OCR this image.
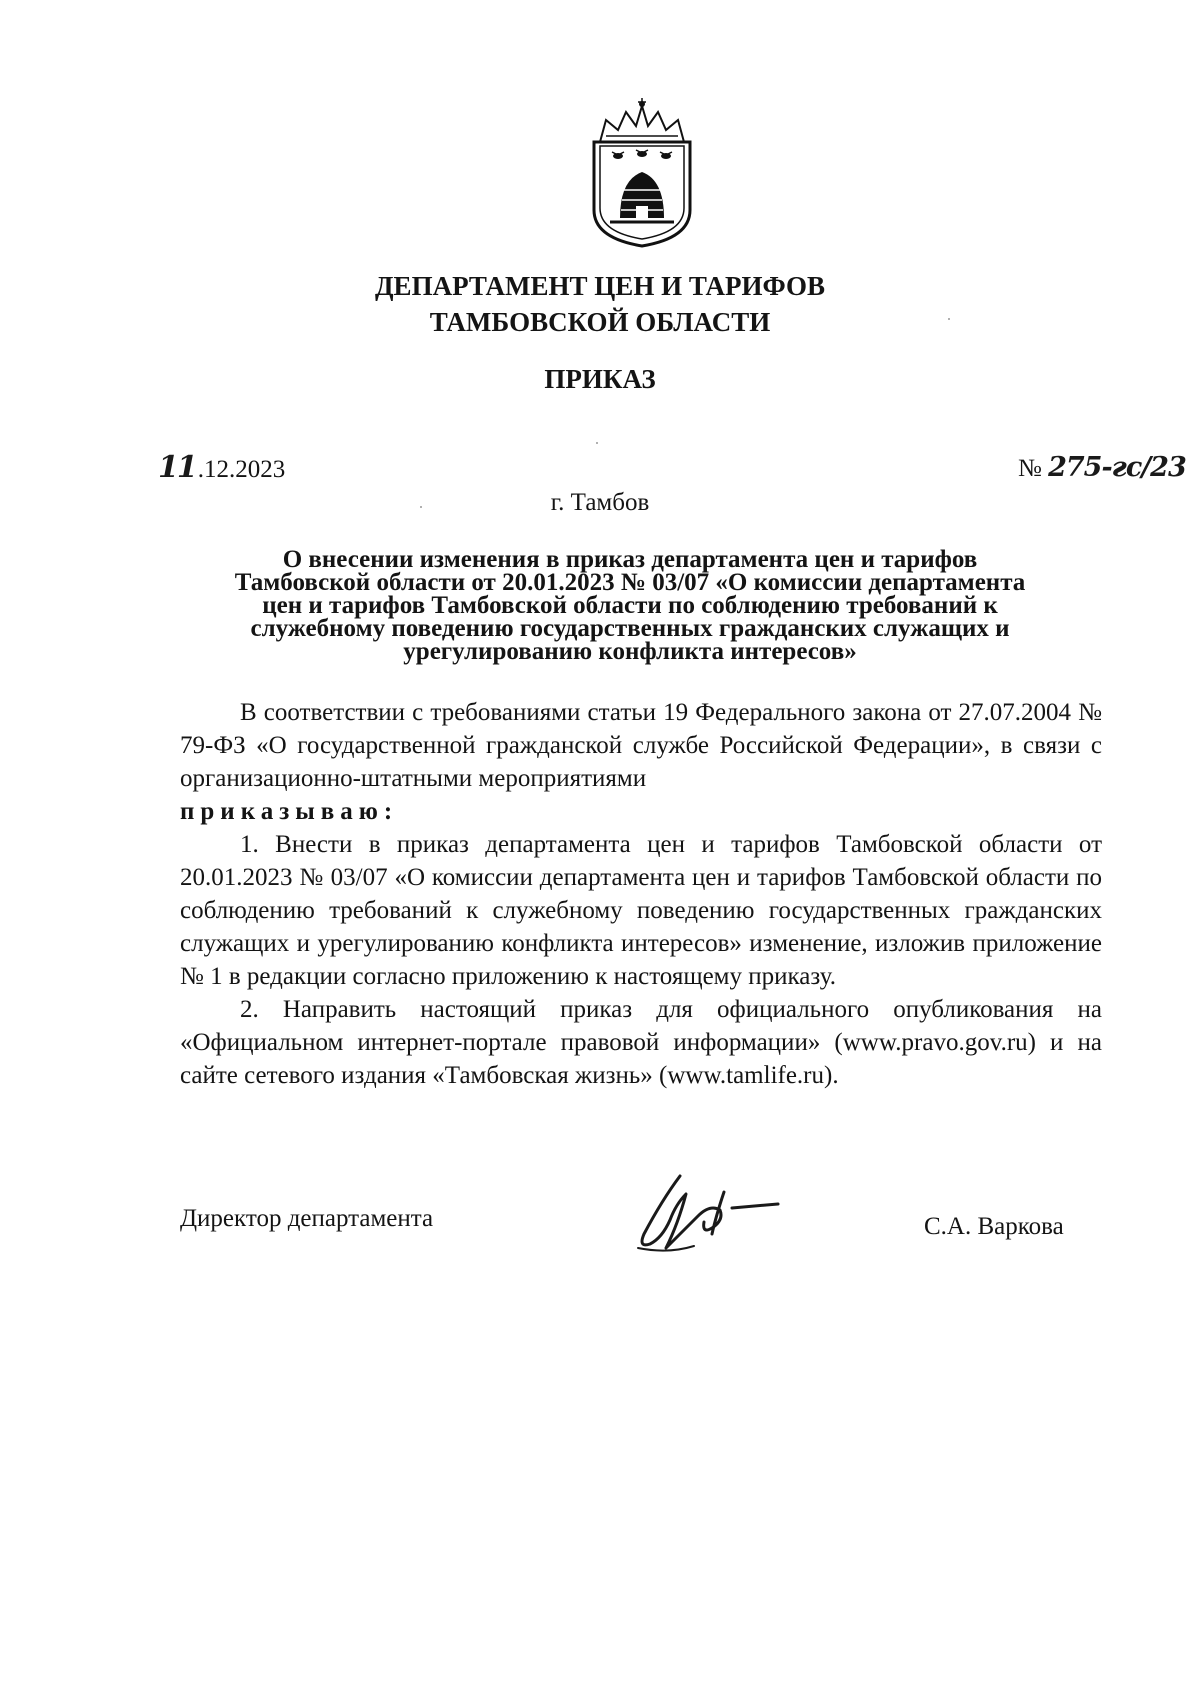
ДЕПАРТАМЕНТ ЦЕН И ТАРИФОВ
ТАМБОВСКОЙ ОБЛАСТИ
ПРИКАЗ
11.12.2023	№ 275-гс/23
г. Тамбов
О внесении изменения в приказ департамента цен и тарифов
Тамбовской области от 20.01.2023 № 03/07 «О комиссии департамента
цен и тарифов Тамбовской области по соблюдению требований к
служебному поведению государственных гражданских служащих и
урегулированию конфликта интересов»

В соответствии с требованиями статьи 19 Федерального закона от 27.07.2004 № 79-ФЗ «О государственной гражданской службе Российской Федерации», в связи с организационно-штатными мероприятиями

приказываю:

1. Внести в приказ департамента цен и тарифов Тамбовской области от 20.01.2023 № 03/07 «О комиссии департамента цен и тарифов Тамбовской области по соблюдению требований к служебному поведению государственных гражданских служащих и урегулированию конфликта интересов» изменение, изложив приложение № 1 в редакции согласно приложению к настоящему приказу.

2. Направить настоящий приказ для официального опубликования на «Официальном интернет-портале правовой информации» (www.pravo.gov.ru) и на сайте сетевого издания «Тамбовская жизнь» (www.tamlife.ru).

Директор департамента	С.А. Варкова
